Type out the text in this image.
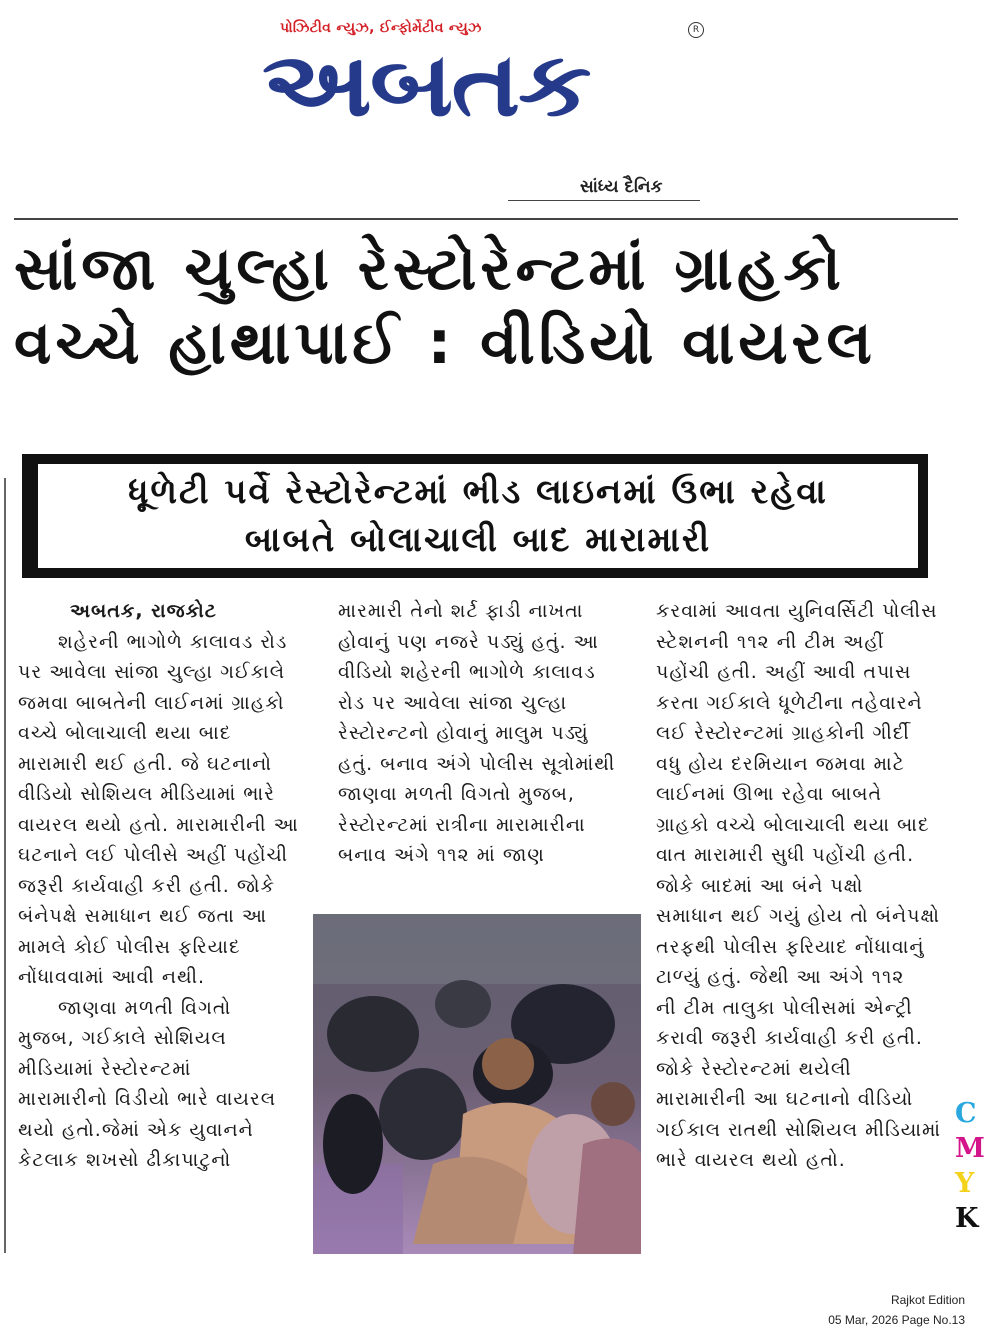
પોઝિટીવ ન્યુઝ, ઈન્ફોર્મેટીવ ન્યુઝ	R
અબતક
સાંધ્ય દૈનિક
સાંજા ચુલ્હા રેસ્ટોરેન્ટમાં ગ્રાહકો
વચ્ચે હાથાપાઈ : વીડિયો વાયરલ
ધૂળેટી પર્વે રેસ્ટોરેન્ટમાં ભીડ લાઇનમાં ઉભા રહેવા
બાબતે બોલાચાલી બાદ મારામારી

અબતક, રાજકોટ

શહેરની ભાગોળે કાલાવડ રોડ

પર આવેલા સાંજા ચુલ્હા ગઈકાલે

જમવા બાબતેની લાઈનમાં ગ્રાહકો

વચ્ચે બોલાચાલી થયા બાદ

મારામારી થઈ હતી. જે ઘટનાનો

વીડિયો સોશિયલ મીડિયામાં ભારે

વાયરલ થયો હતો. મારામારીની આ

ઘટનાને લઈ પોલીસે અહીં પહોંચી

જરૂરી કાર્યવાહી કરી હતી. જોકે

બંનેપક્ષે સમાધાન થઈ જતા આ

મામલે કોઈ પોલીસ ફરિયાદ

નોંધાવવામાં આવી નથી.

જાણવા મળતી વિગતો

મુજબ, ગઈકાલે સોશિયલ

મીડિયામાં રેસ્ટોરન્ટમાં

મારામારીનો વિડીયો ભારે વાયરલ

થયો હતો.જેમાં એક યુવાનને

કેટલાક શખસો ઢીકાપાટુનો

મારમારી તેનો શર્ટ ફાડી નાખતા

હોવાનું પણ નજરે પડ્યું હતું. આ

વીડિયો શહેરની ભાગોળે કાલાવડ

રોડ પર આવેલા સાંજા ચુલ્હા

રેસ્ટોરન્ટનો હોવાનું માલુમ પડ્યું

હતું. બનાવ અંગે પોલીસ સૂત્રોમાંથી

જાણવા મળતી વિગતો મુજબ,

રેસ્ટોરન્ટમાં રાત્રીના મારામારીના

બનાવ અંગે ૧૧૨ માં જાણ

કરવામાં આવતા યુનિવર્સિટી પોલીસ

સ્ટેશનની ૧૧૨ ની ટીમ અહીં

પહોંચી હતી. અહીં આવી તપાસ

કરતા ગઈકાલે ધૂળેટીના તહેવારને

લઈ રેસ્ટોરન્ટમાં ગ્રાહકોની ગીર્દી

વધુ હોય દરમિયાન જમવા માટે

લાઈનમાં ઊભા રહેવા બાબતે

ગ્રાહકો વચ્ચે બોલાચાલી થયા બાદ

વાત મારામારી સુધી પહોંચી હતી.

જોકે બાદમાં આ બંને પક્ષો

સમાધાન થઈ ગયું હોય તો બંનેપક્ષો

તરફથી પોલીસ ફરિયાદ નોંધાવાનું

ટાળ્યું હતું. જેથી આ અંગે ૧૧૨

ની ટીમ તાલુકા પોલીસમાં એન્ટ્રી

કરાવી જરૂરી કાર્યવાહી કરી હતી.

જોકે રેસ્ટોરન્ટમાં થયેલી

મારામારીની આ ઘટનાનો વીડિયો

ગઈકાલ રાતથી સોશિયલ મીડિયામાં

ભારે વાયરલ થયો હતો.

C
M
Y
K
Rajkot Edition
05 Mar, 2026 Page No.13
